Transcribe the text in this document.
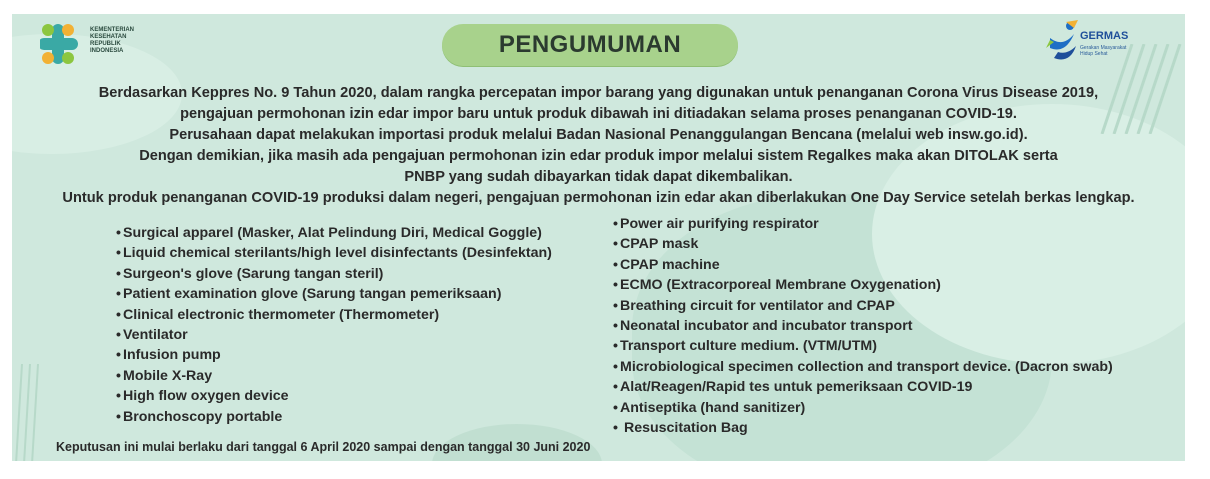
KEMENTERIAN
KESEHATAN
REPUBLIK
INDONESIA	PENGUMUMAN	GERMAS
Gerakan Masyarakat Hidup Sehat
Berdasarkan Keppres No. 9 Tahun 2020, dalam rangka percepatan impor barang yang digunakan untuk penanganan Corona Virus Disease 2019,
pengajuan permohonan izin edar impor baru untuk produk dibawah ini ditiadakan selama proses penanganan COVID-19.
Perusahaan dapat melakukan importasi produk melalui Badan Nasional Penanggulangan Bencana (melalui web insw.go.id).
Dengan demikian, jika masih ada pengajuan permohonan izin edar produk impor melalui sistem Regalkes maka akan DITOLAK serta
PNBP yang sudah dibayarkan tidak dapat dikembalikan.
Untuk produk penanganan COVID-19 produksi dalam negeri, pengajuan permohonan izin edar akan diberlakukan One Day Service setelah berkas lengkap.
• Surgical apparel (Masker, Alat Pelindung Diri, Medical Goggle)
• Liquid chemical sterilants/high level disinfectants (Desinfektan)
• Surgeon's glove (Sarung tangan steril)
• Patient examination glove (Sarung tangan pemeriksaan)
• Clinical electronic thermometer (Thermometer)
• Ventilator
• Infusion pump
• Mobile X-Ray
• High flow oxygen device
• Bronchoscopy portable
• Power air purifying respirator
• CPAP mask
• CPAP machine
• ECMO (Extracorporeal Membrane Oxygenation)
• Breathing circuit for ventilator and CPAP
• Neonatal incubator and incubator transport
• Transport culture medium. (VTM/UTM)
• Microbiological specimen collection and transport device. (Dacron swab)
• Alat/Reagen/Rapid tes untuk pemeriksaan COVID-19
• Antiseptika (hand sanitizer)
• Resuscitation Bag
Keputusan ini mulai berlaku dari tanggal 6 April 2020 sampai dengan tanggal 30 Juni 2020
